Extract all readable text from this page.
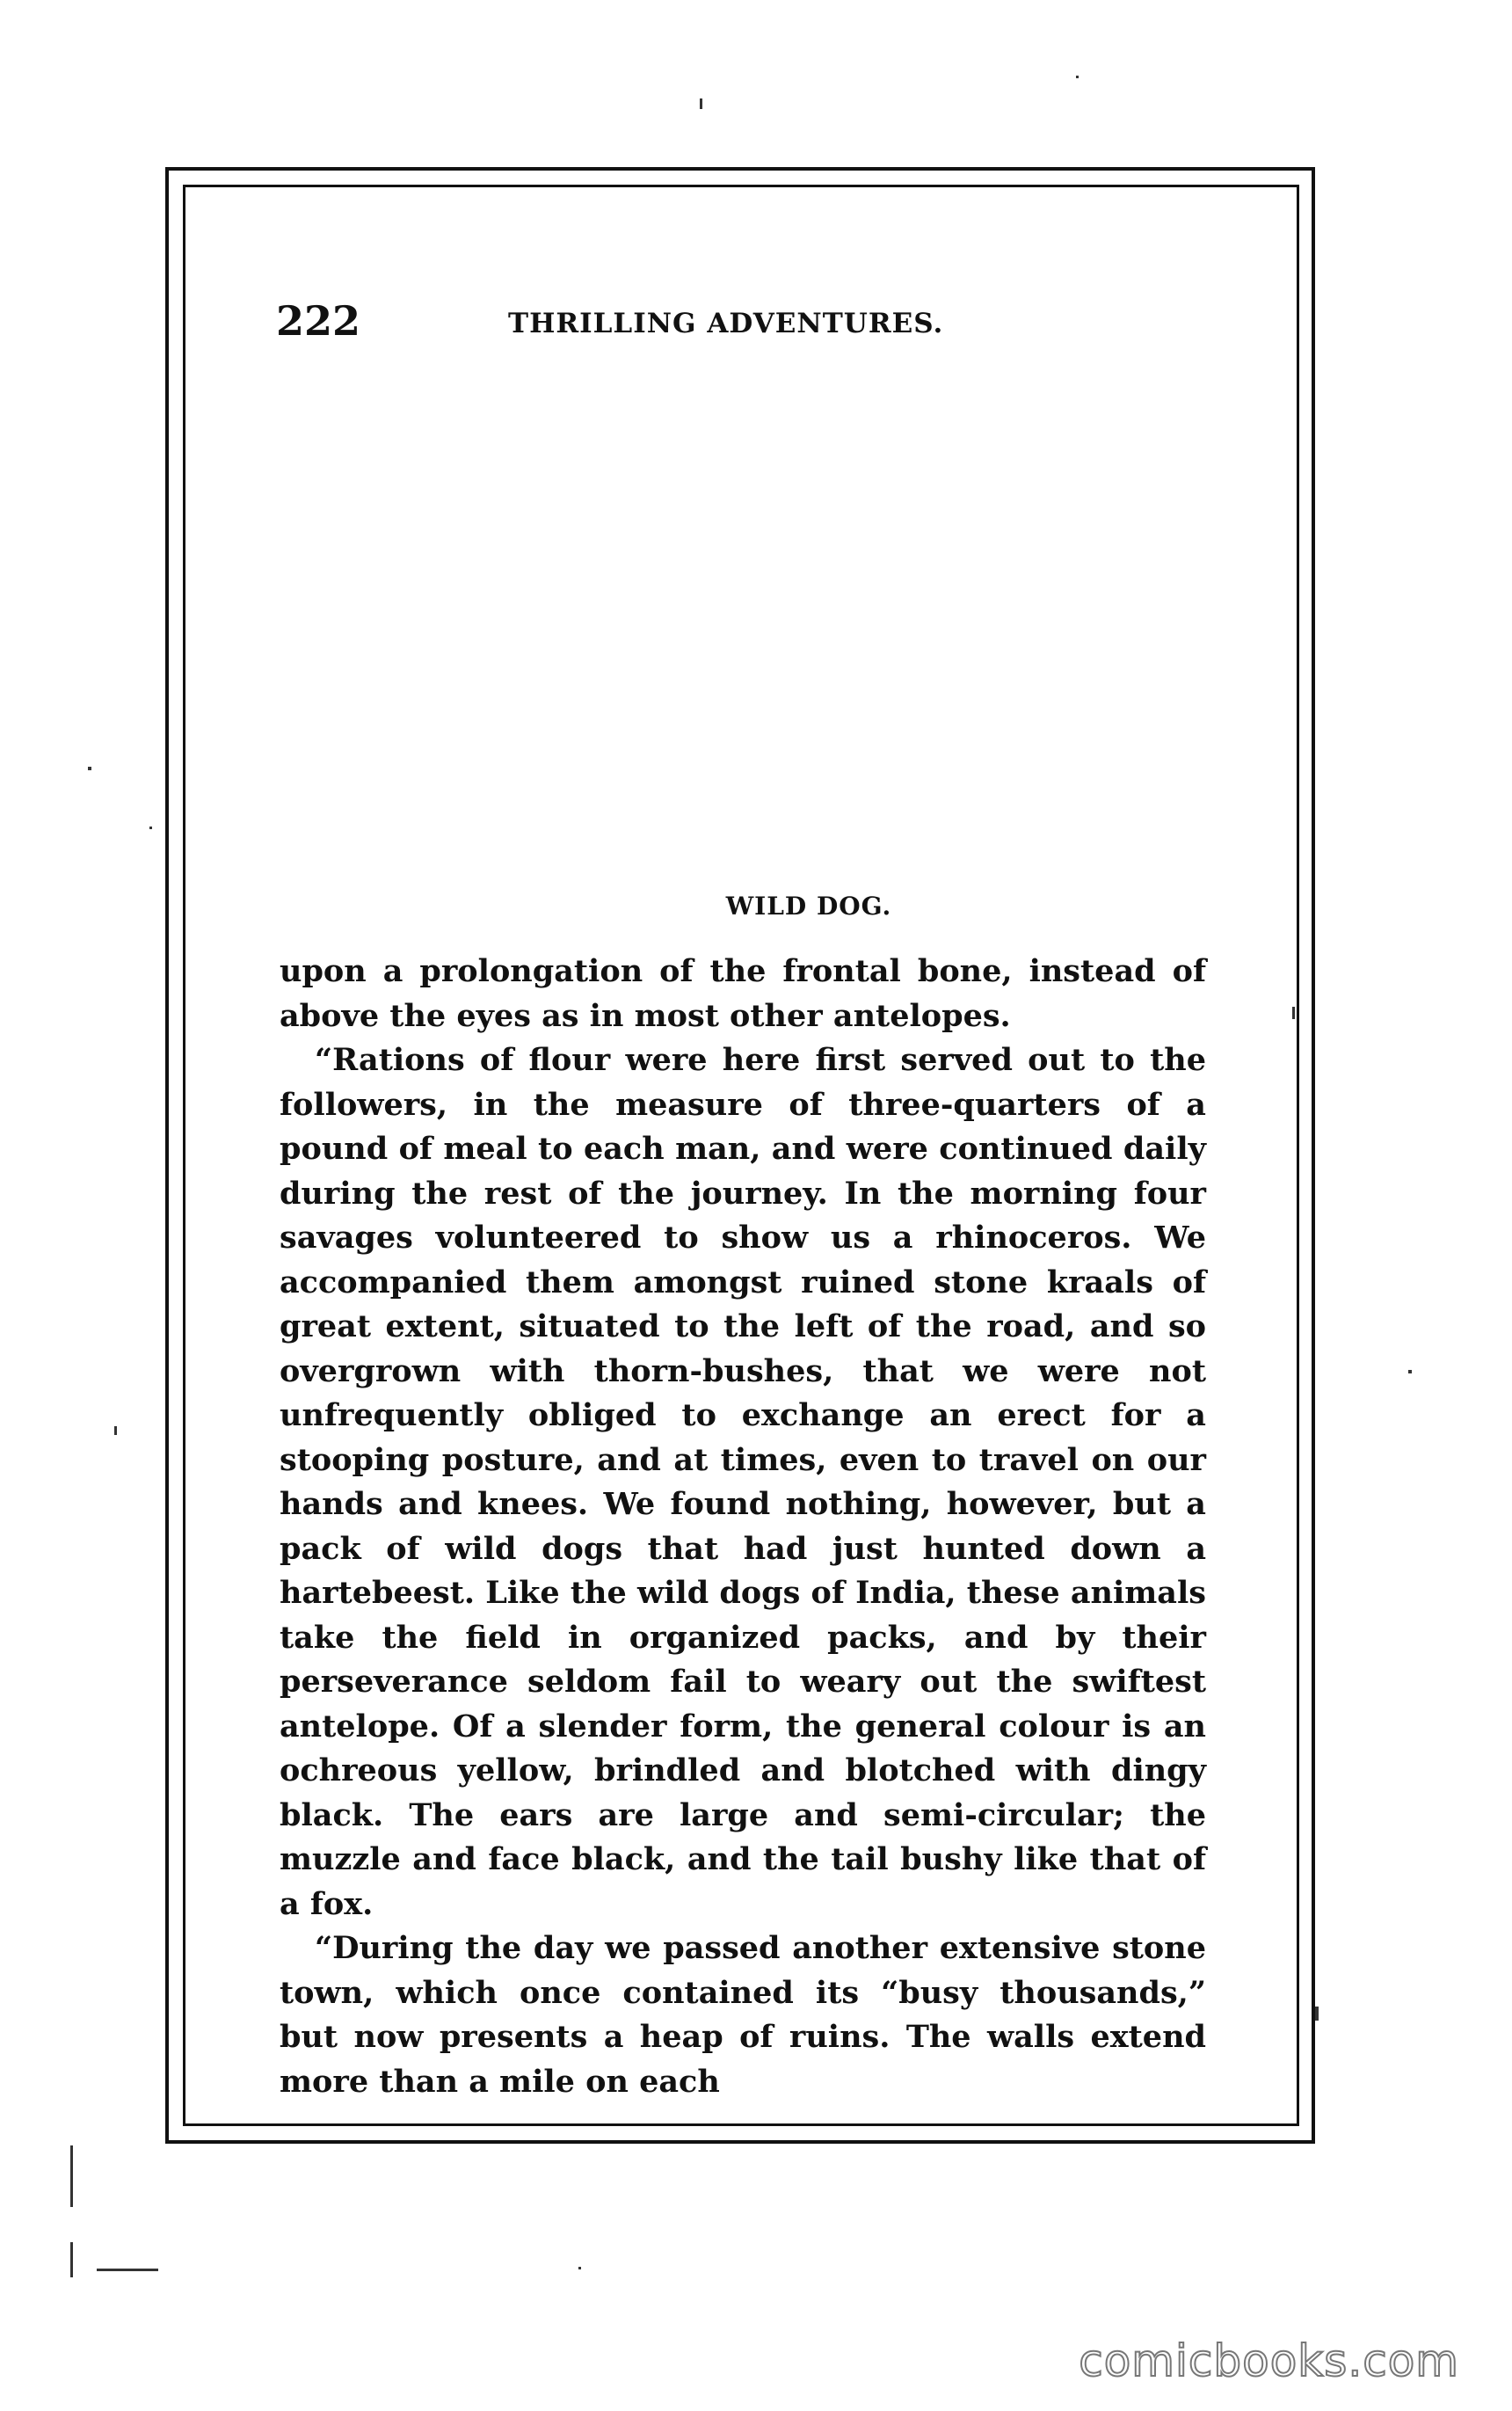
222	THRILLING ADVENTURES.
WILD DOG.

upon a prolongation of the frontal bone, instead of above the eyes as in most other antelopes.

“Rations of flour were here first served out to the followers, in the measure of three-quarters of a pound of meal to each man, and were continued daily during the rest of the journey. In the morning four savages volunteered to show us a rhinoceros. We accompanied them amongst ruined stone kraals of great extent, situated to the left of the road, and so overgrown with thorn-bushes, that we were not unfrequently obliged to exchange an erect for a stooping posture, and at times, even to travel on our hands and knees. We found nothing, however, but a pack of wild dogs that had just hunted down a hartebeest. Like the wild dogs of India, these animals take the field in organized packs, and by their perseverance seldom fail to weary out the swiftest antelope. Of a slender form, the general colour is an ochreous yellow, brindled and blotched with dingy black. The ears are large and semi-circular; the muzzle and face black, and the tail bushy like that of a fox.

“During the day we passed another extensive stone town, which once contained its “busy thousands,” but now presents a heap of ruins. The walls extend more than a mile on each

comicbooks.com
